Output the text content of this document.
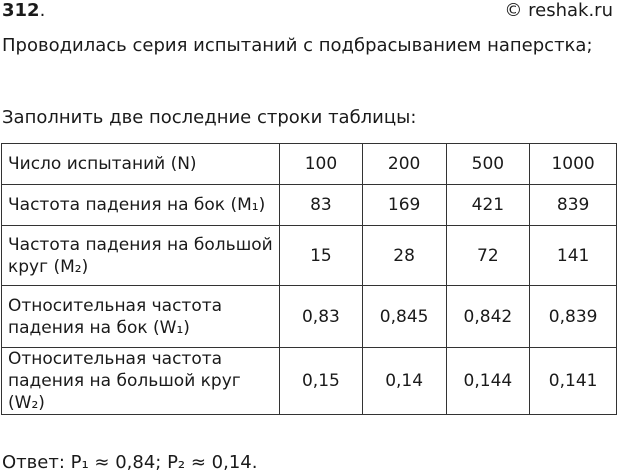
312.	© reshak.ru
Проводилась серия испытаний с подбрасыванием наперстка;
Заполнить две последние строки таблицы:
Число испытаний (N)	100	200	500	1000
Частота падения на бок (M₁)	83	169	421	839
Частота падения на большой круг (M₂)	15	28	72	141
Относительная частота падения на бок (W₁)	0,83	0,845	0,842	0,839
Относительная частота падения на большой круг (W₂)	0,15	0,14	0,144	0,141
Ответ: P₁ ≈ 0,84; P₂ ≈ 0,14.
